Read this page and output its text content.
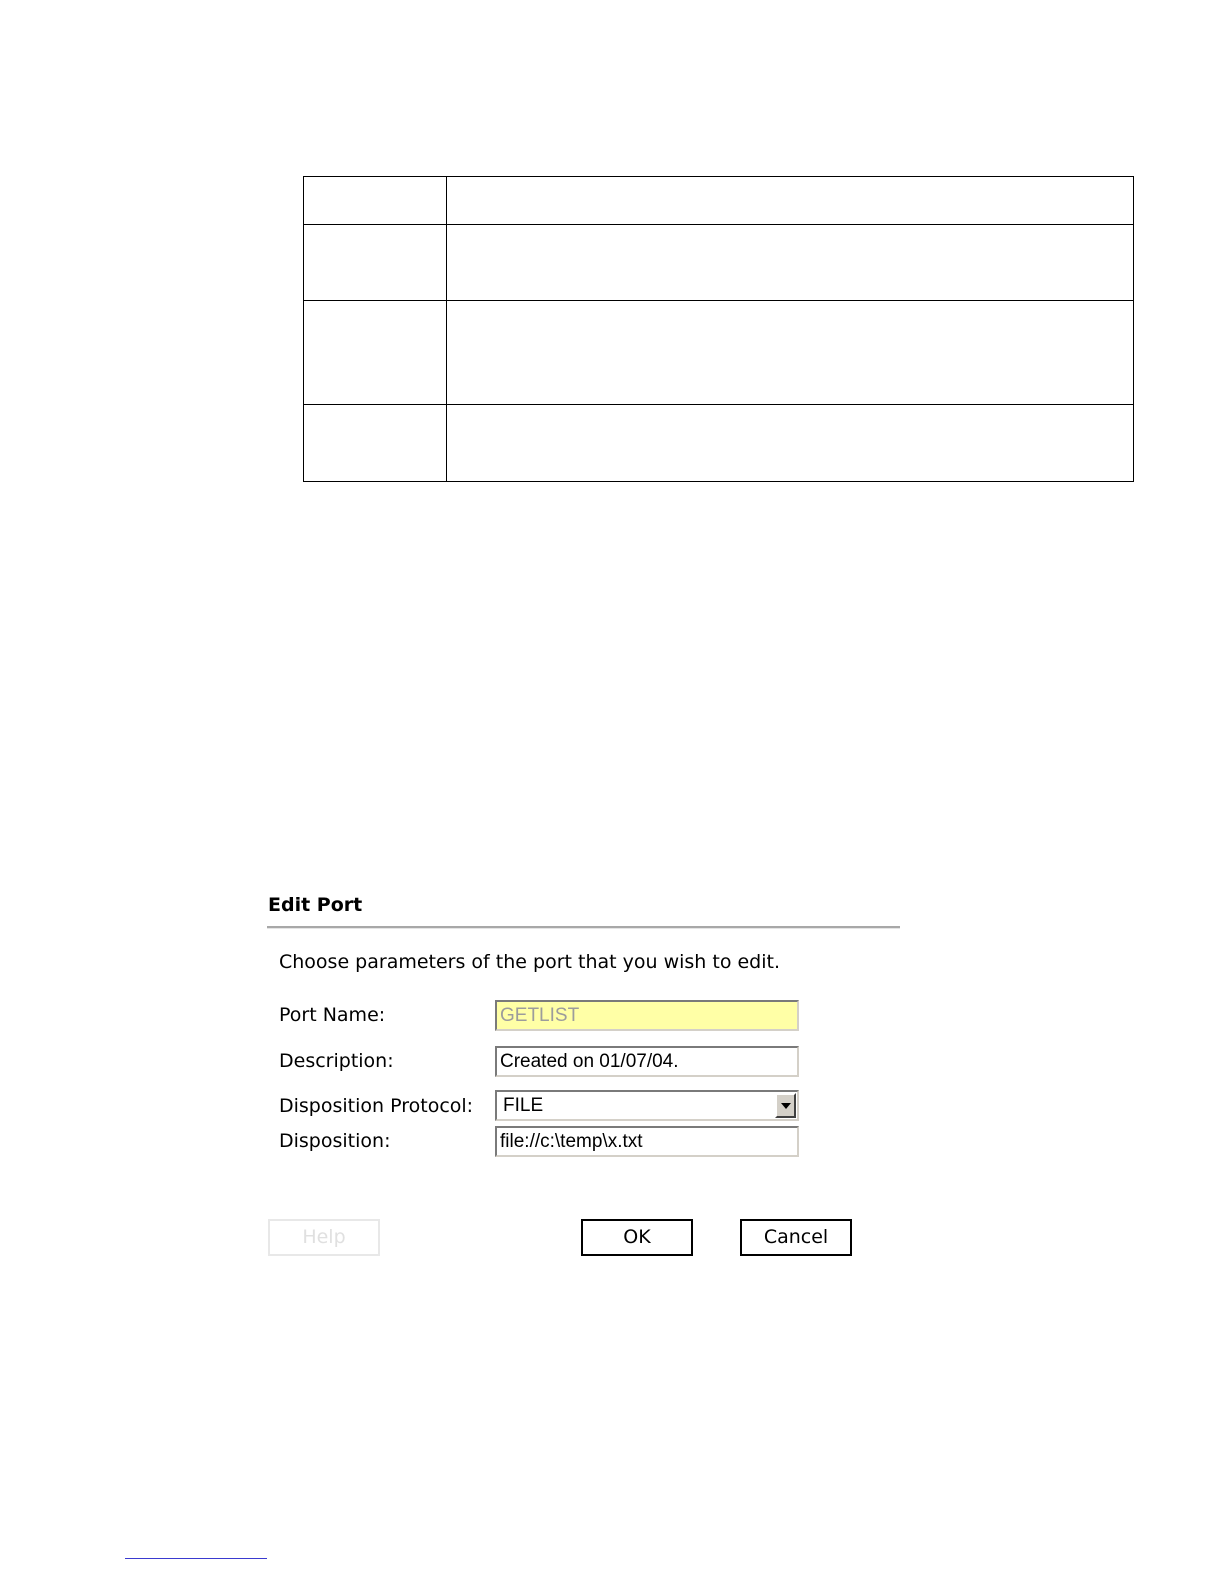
Edit Port
Choose parameters of the port that you wish to edit.
Port Name:	GETLIST
Description:	Created on 01/07/04.
Disposition Protocol:	FILE
Disposition:	file://c:\temp\x.txt
Help	OK	Cancel
